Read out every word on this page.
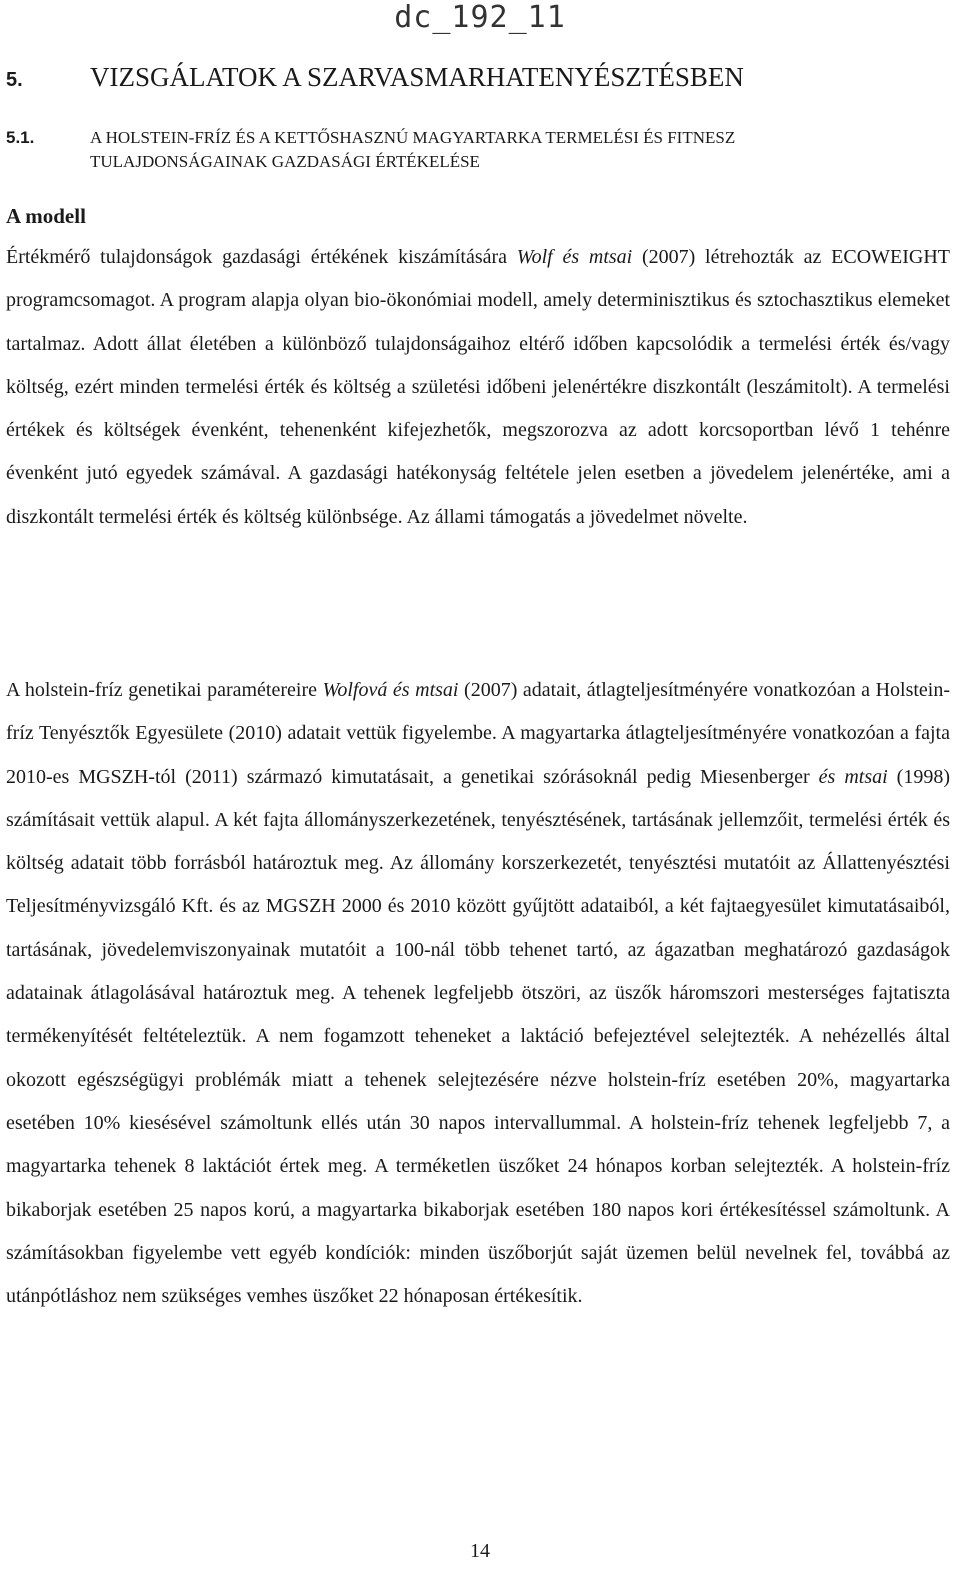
dc_192_11
5. VIZSGÁLATOK A SZARVASMARHATENYÉSZTÉSBEN
5.1.	A HOLSTEIN-FRÍZ ÉS A KETTŐSHASZNÚ MAGYARTARKA TERMELÉSI ÉS FITNESZ TULAJDONSÁGAINAK GAZDASÁGI ÉRTÉKELÉSE
A modell

Értékmérő tulajdonságok gazdasági értékének kiszámítására Wolf és mtsai (2007) létrehozták az ECOWEIGHT programcsomagot. A program alapja olyan bio-ökonómiai modell, amely determinisztikus és sztochasztikus elemeket tartalmaz. Adott állat életében a különböző tulajdonságaihoz eltérő időben kapcsolódik a termelési érték és/vagy költség, ezért minden termelési érték és költség a születési időbeni jelenértékre diszkontált (leszámitolt). A termelési értékek és költségek évenként, tehenenként kifejezhetők, megszorozva az adott korcsoportban lévő 1 tehénre évenként jutó egyedek számával. A gazdasági hatékonyság feltétele jelen esetben a jövedelem jelenértéke, ami a diszkontált termelési érték és költség különbsége. Az állami támogatás a jövedelmet növelte.

A holstein-fríz genetikai paramétereire Wolfová és mtsai (2007) adatait, átlagteljesítményére vonatkozóan a Holstein-fríz Tenyésztők Egyesülete (2010) adatait vettük figyelembe. A magyartarka átlagteljesítményére vonatkozóan a fajta 2010-es MGSZH-tól (2011) származó kimutatásait, a genetikai szórásoknál pedig Miesenberger és mtsai (1998) számításait vettük alapul. A két fajta állományszerkezetének, tenyésztésének, tartásának jellemzőit, termelési érték és költség adatait több forrásból határoztuk meg. Az állomány korszerkezetét, tenyésztési mutatóit az Állattenyésztési Teljesítményvizsgáló Kft. és az MGSZH 2000 és 2010 között gyűjtött adataiból, a két fajtaegyesület kimutatásaiból, tartásának, jövedelemviszonyainak mutatóit a 100-nál több tehenet tartó, az ágazatban meghatározó gazdaságok adatainak átlagolásával határoztuk meg. A tehenek legfeljebb ötszöri, az üszők háromszori mesterséges fajtatiszta termékenyítését feltételeztük. A nem fogamzott teheneket a laktáció befejeztével selejtezték. A nehézellés által okozott egészségügyi problémák miatt a tehenek selejtezésére nézve holstein-fríz esetében 20%, magyartarka esetében 10% kiesésével számoltunk ellés után 30 napos intervallummal. A holstein-fríz tehenek legfeljebb 7, a magyartarka tehenek 8 laktációt értek meg. A terméketlen üszőket 24 hónapos korban selejtezték. A holstein-fríz bikaborjak esetében 25 napos korú, a magyartarka bikaborjak esetében 180 napos kori értékesítéssel számoltunk. A számításokban figyelembe vett egyéb kondíciók: minden üszőborjút saját üzemen belül nevelnek fel, továbbá az utánpótláshoz nem szükséges vemhes üszőket 22 hónaposan értékesítik.

14
